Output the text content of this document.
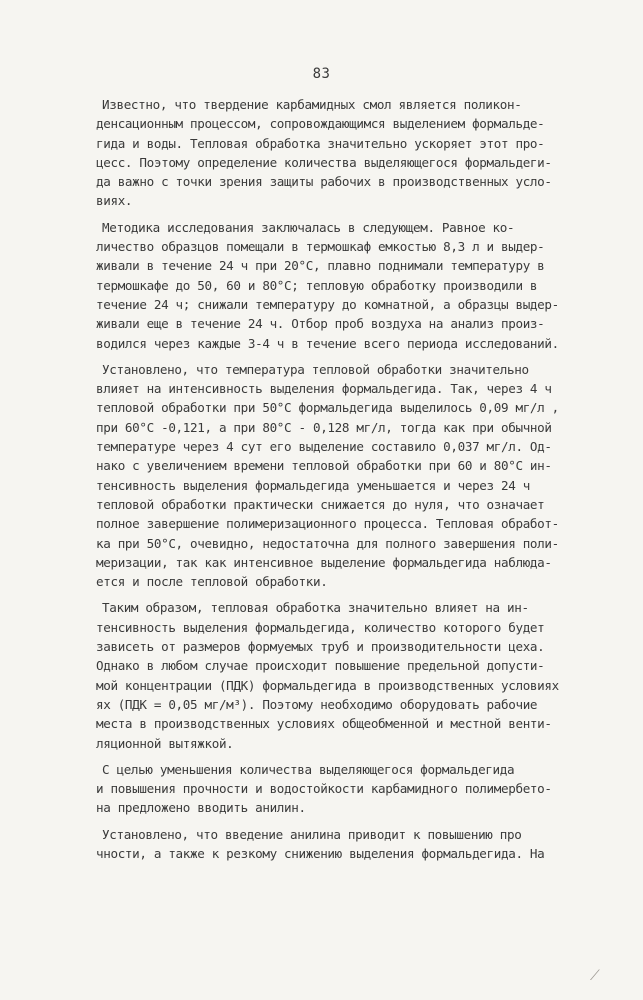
83
Известно, что твердение карбамидных смол является поликон-
денсационным процессом, сопровождающимся выделением формальде-
гида и воды. Тепловая обработка значительно ускоряет этот про-
цесс. Поэтому определение количества выделяющегося формальдеги-
да важно с точки зрения защиты рабочих в производственных усло-
виях.
Методика исследования заключалась в следующем. Равное ко-
личество образцов помещали в термошкаф емкостью 8,3 л и выдер-
живали в течение 24 ч при 20°С, плавно поднимали температуру в
термошкафе до 50, 60 и 80°С; тепловую обработку производили в
течение 24 ч; снижали температуру до комнатной, а образцы выдер-
живали еще в течение 24 ч. Отбор проб воздуха на анализ произ-
водился через каждые 3-4 ч в течение всего периода исследований.
Установлено, что температура тепловой обработки значительно
влияет на интенсивность выделения формальдегида. Так, через 4 ч
тепловой обработки при 50°С формальдегида выделилось 0,09 мг/л ,
при 60°С -0,121, а при 80°С - 0,128 мг/л, тогда как при обычной
температуре через 4 сут его выделение составило 0,037 мг/л. Од-
нако с увеличением времени тепловой обработки при 60 и 80°С ин-
тенсивность выделения формальдегида уменьшается и через 24 ч
тепловой обработки практически снижается до нуля, что означает
полное завершение полимеризационного процесса. Тепловая обработ-
ка при 50°С, очевидно, недостаточна для полного завершения поли-
меризации, так как интенсивное выделение формальдегида наблюда-
ется и после тепловой обработки.
Таким образом, тепловая обработка значительно влияет на ин-
тенсивность выделения формальдегида, количество которого будет
зависеть от размеров формуемых труб и производительности цеха.
Однако в любом случае происходит повышение предельной допусти-
мой концентрации (ПДК) формальдегида в производственных условиях
ях (ПДК = 0,05 мг/м³). Поэтому необходимо оборудовать рабочие
места в производственных условиях общеобменной и местной венти-
ляционной вытяжкой.
С целью уменьшения количества выделяющегося формальдегида
и повышения прочности и водостойкости карбамидного полимербето-
на предложено вводить анилин.
Установлено, что введение анилина приводит к повышению про
чности, а также к резкому снижению выделения формальдегида. На
⟋
